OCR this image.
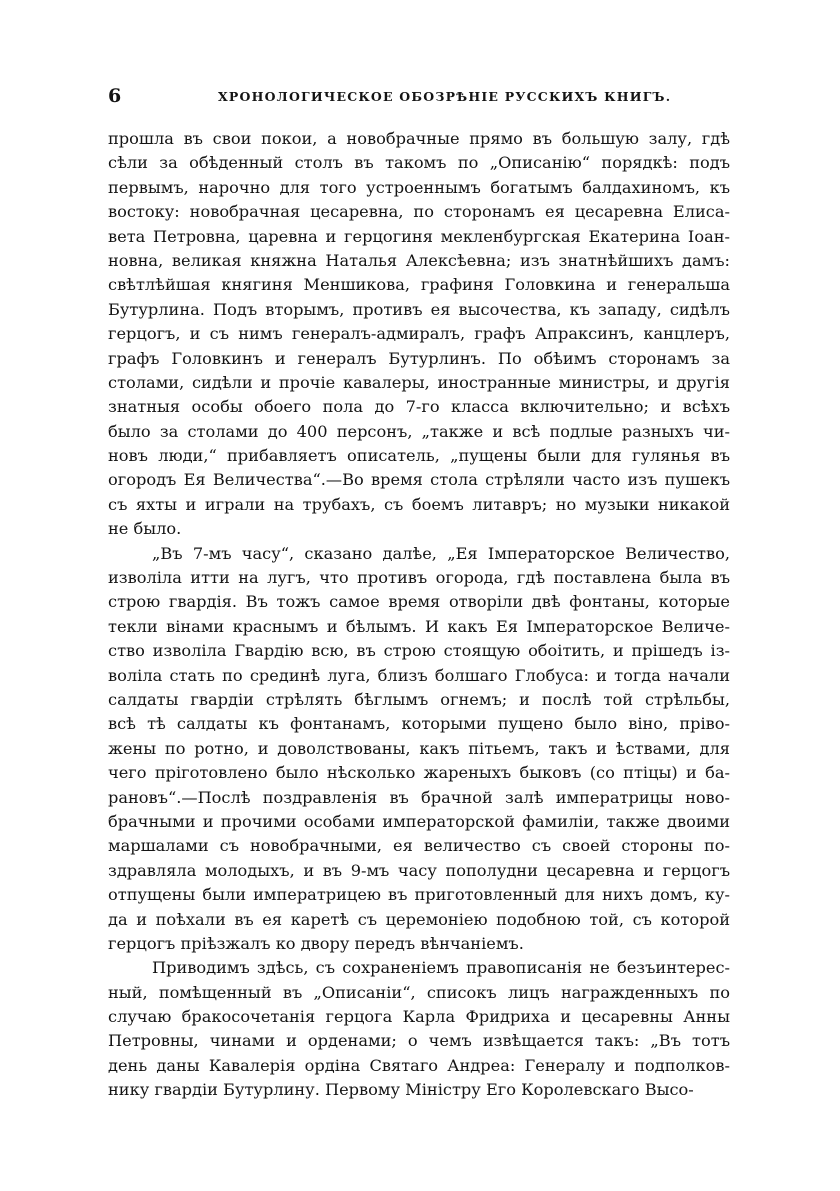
6	ХРОНОЛОГИЧЕСКОЕ ОБОЗРѢНІЕ РУССКИХЪ КНИГЪ.
прошла въ свои покои, а новобрачные прямо въ большую залу, гдѣ
сѣли за обѣденный столъ въ такомъ по „Описанію“ порядкѣ: подъ
первымъ, нарочно для того устроеннымъ богатымъ балдахиномъ, къ
востоку: новобрачная цесаревна, по сторонамъ ея цесаревна Елиса-
вета Петровна, царевна и герцогиня мекленбургская Екатерина Іоан-
новна, великая княжна Наталья Алексѣевна; изъ знатнѣйшихъ дамъ:
свѣтлѣйшая княгиня Меншикова, графиня Головкина и генеральша
Бутурлина. Подъ вторымъ, противъ ея высочества, къ западу, сидѣлъ
герцогъ, и съ нимъ генералъ-адмиралъ, графъ Апраксинъ, канцлеръ,
графъ Головкинъ и генералъ Бутурлинъ. По обѣимъ сторонамъ за
столами, сидѣли и прочіе кавалеры, иностранные министры, и другія
знатныя особы обоего пола до 7-го класса включительно; и всѣхъ
было за столами до 400 персонъ, „также и всѣ подлые разныхъ чи-
новъ люди,“ прибавляетъ описатель, „пущены были для гулянья въ
огородъ Ея Величества“.—Во время стола стрѣляли часто изъ пушекъ
съ яхты и играли на трубахъ, съ боемъ литавръ; но музыки никакой
не было.
„Въ 7-мъ часу“, сказано далѣе, „Ея Імператорское Величество,
изволіла итти на лугъ, что противъ огорода, гдѣ поставлена была въ
строю гвардія. Въ тожъ самое время отворіли двѣ фонтаны, которые
текли вінами краснымъ и бѣлымъ. И какъ Ея Імператорское Величе-
ство изволіла Гвардію всю, въ строю стоящую обоітить, и прішедъ із-
воліла стать по срединѣ луга, близъ болшаго Глобуса: и тогда начали
салдаты гвардіи стрѣлять бѣглымъ огнемъ; и послѣ той стрѣльбы,
всѣ тѣ салдаты къ фонтанамъ, которыми пущено было віно, прівo-
жены по ротно, и доволствованы, какъ пітьемъ, такъ и ѣствами, для
чего пріготовлено было нѣсколько жареныхъ быковъ (со птіцы) и ба-
рановъ“.—Послѣ поздравленія въ брачной залѣ императрицы ново-
брачными и прочими особами императорской фамиліи, также двоими
маршалами съ новобрачными, ея величество съ своей стороны по-
здравляла молодыхъ, и въ 9-мъ часу пополудни цесаревна и герцогъ
отпущены были императрицею въ приготовленный для нихъ домъ, ку-
да и поѣхали въ ея каретѣ съ церемоніею подобною той, съ которой
герцогъ пріѣзжалъ ко двору передъ вѣнчаніемъ.
Приводимъ здѣсь, съ сохраненіемъ правописанія не безъинтерес-
ный, помѣщенный въ „Описаніи“, списокъ лицъ награжденныхъ по
случаю бракосочетанія герцога Карла Фридриха и цесаревны Анны
Петровны, чинами и орденами; о чемъ извѣщается такъ: „Въ тотъ
день даны Кавалерія ордіна Святаго Андреа: Генералу и подполков-
нику гвардіи Бутурлину. Первому Міністру Его Королевскаго Высо-
